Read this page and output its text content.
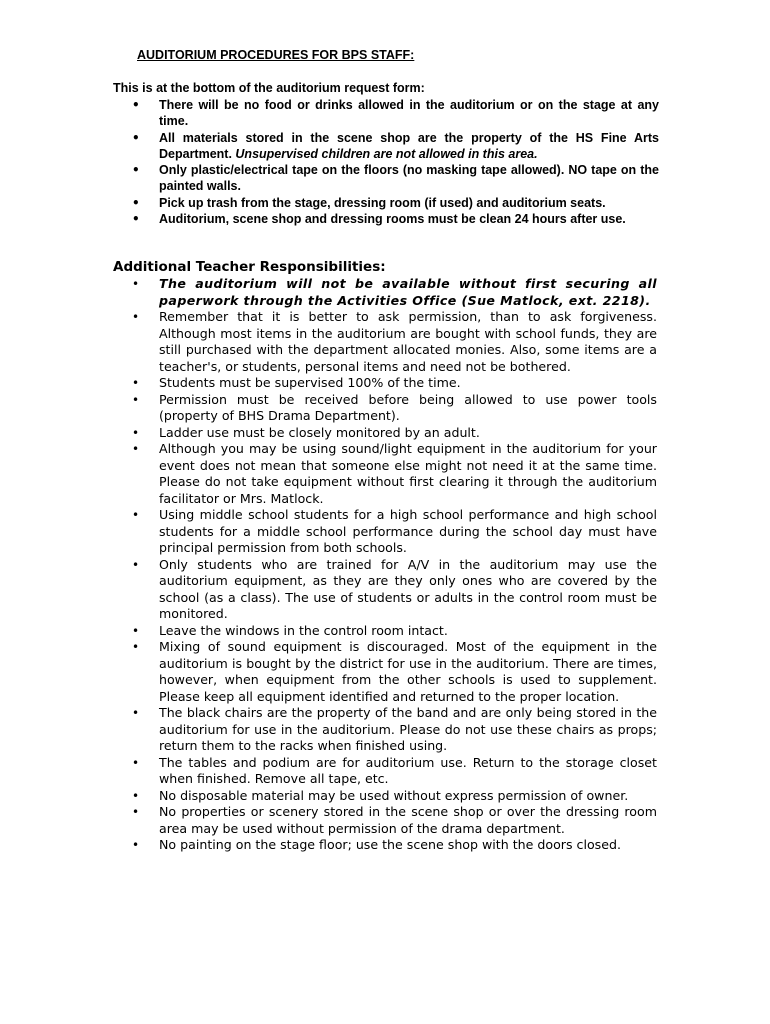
AUDITORIUM PROCEDURES FOR BPS STAFF:
This is at the bottom of the auditorium request form:
• There will be no food or drinks allowed in the auditorium or on the stage at any time.
• All materials stored in the scene shop are the property of the HS Fine Arts Department. Unsupervised children are not allowed in this area.
• Only plastic/electrical tape on the floors (no masking tape allowed). NO tape on the painted walls.
• Pick up trash from the stage, dressing room (if used) and auditorium seats.
• Auditorium, scene shop and dressing rooms must be clean 24 hours after use.
Additional Teacher Responsibilities:
• The auditorium will not be available without first securing all paperwork through the Activities Office (Sue Matlock, ext. 2218).
• Remember that it is better to ask permission, than to ask forgiveness. Although most items in the auditorium are bought with school funds, they are still purchased with the department allocated monies. Also, some items are a teacher's, or students, personal items and need not be bothered.
• Students must be supervised 100% of the time.
• Permission must be received before being allowed to use power tools (property of BHS Drama Department).
• Ladder use must be closely monitored by an adult.
• Although you may be using sound/light equipment in the auditorium for your event does not mean that someone else might not need it at the same time. Please do not take equipment without first clearing it through the auditorium facilitator or Mrs. Matlock.
• Using middle school students for a high school performance and high school students for a middle school performance during the school day must have principal permission from both schools.
• Only students who are trained for A/V in the auditorium may use the auditorium equipment, as they are they only ones who are covered by the school (as a class). The use of students or adults in the control room must be monitored.
• Leave the windows in the control room intact.
• Mixing of sound equipment is discouraged. Most of the equipment in the auditorium is bought by the district for use in the auditorium. There are times, however, when equipment from the other schools is used to supplement. Please keep all equipment identified and returned to the proper location.
• The black chairs are the property of the band and are only being stored in the auditorium for use in the auditorium. Please do not use these chairs as props; return them to the racks when finished using.
• The tables and podium are for auditorium use. Return to the storage closet when finished. Remove all tape, etc.
• No disposable material may be used without express permission of owner.
• No properties or scenery stored in the scene shop or over the dressing room area may be used without permission of the drama department.
• No painting on the stage floor; use the scene shop with the doors closed.
